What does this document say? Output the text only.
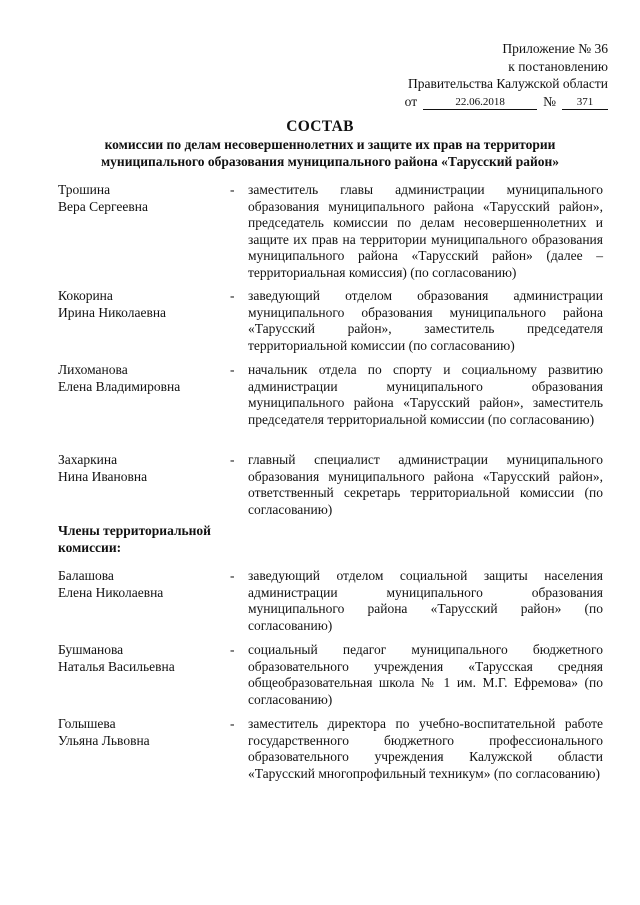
Приложение № 36
к постановлению
Правительства Калужской области
от	22.06.2018	№	371
СОСТАВ
комиссии по делам несовершеннолетних и защите их прав на территории
муниципального образования муниципального района «Тарусский район»
Трошина
Вера Сергеевна
- заместитель главы администрации муниципального образования муниципального района «Тарусский район», председатель комиссии по делам несовершеннолетних и защите их прав на территории муниципального образования муниципального района «Тарусский район» (далее – территориальная комиссия) (по согласованию)
Кокорина
Ирина Николаевна
- заведующий отделом образования администрации муниципального образования муниципального района «Тарусский район», заместитель председателя территориальной комиссии (по согласованию)
Лихоманова
Елена Владимировна
- начальник отдела по спорту и социальному развитию администрации муниципального образования муниципального района «Тарусский район», заместитель председателя территориальной комиссии (по согласованию)
Захаркина
Нина Ивановна
- главный специалист администрации муниципального образования муниципального района «Тарусский район», ответственный секретарь территориальной комиссии (по согласованию)
Члены территориальной комиссии:
Балашова
Елена Николаевна
- заведующий отделом социальной защиты населения администрации муниципального образования муниципального района «Тарусский район» (по согласованию)
Бушманова
Наталья Васильевна
- социальный педагог муниципального бюджетного образовательного учреждения «Тарусская средняя общеобразовательная школа № 1 им. М.Г. Ефремова» (по согласованию)
Голышева
Ульяна Львовна
- заместитель директора по учебно-воспитательной работе государственного бюджетного профессионального образовательного учреждения Калужской области «Тарусский многопрофильный техникум» (по согласованию)
